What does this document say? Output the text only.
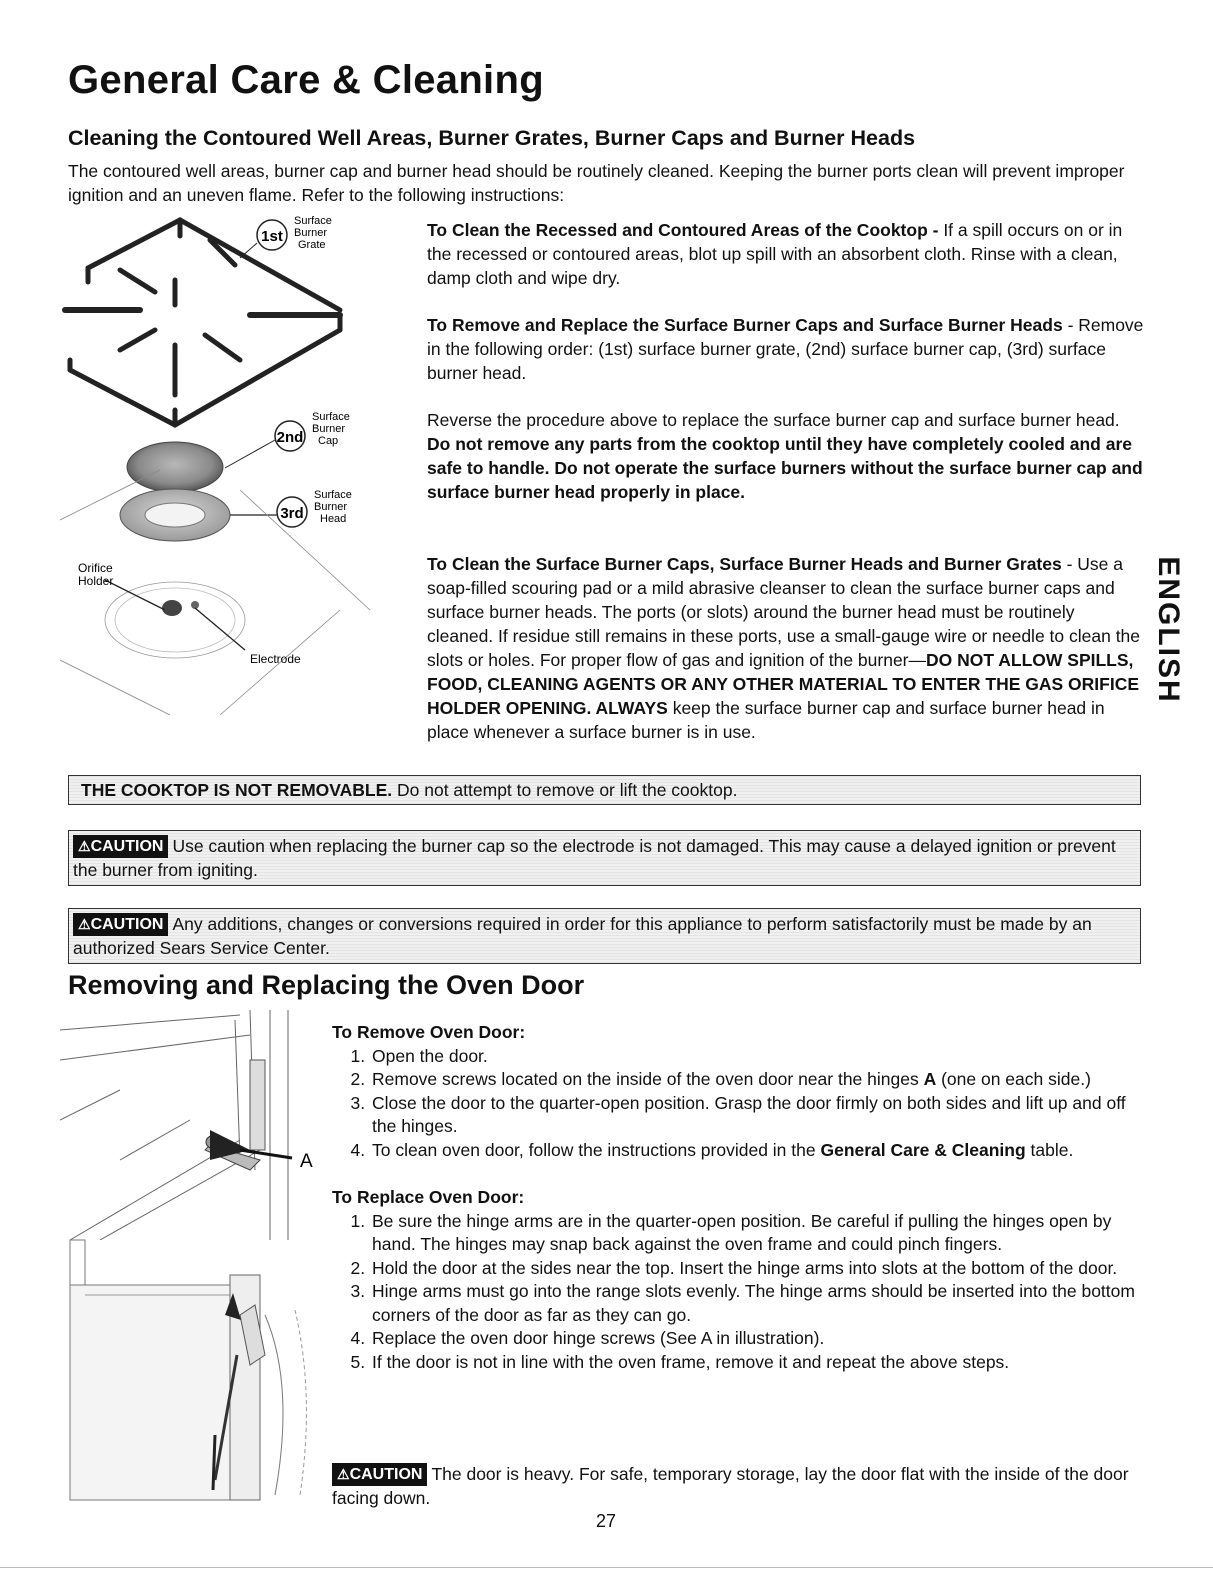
General Care & Cleaning
Cleaning the Contoured Well Areas, Burner Grates, Burner Caps and Burner Heads
The contoured well areas, burner cap and burner head should be routinely cleaned. Keeping the burner ports clean will prevent improper ignition and an uneven flame. Refer to the following instructions:
1st
Surface
Burner
Grate
2nd
Surface
Burner
Cap
3rd
Surface
Burner
Head
Orifice
Holder
Electrode
To Clean the Recessed and Contoured Areas of the Cooktop - If a spill occurs on or in the recessed or contoured areas, blot up spill with an absorbent cloth. Rinse with a clean, damp cloth and wipe dry.
To Remove and Replace the Surface Burner Caps and Surface Burner Heads - Remove in the following order: (1st) surface burner grate, (2nd) surface burner cap, (3rd) surface burner head.
Reverse the procedure above to replace the surface burner cap and surface burner head. Do not remove any parts from the cooktop until they have completely cooled and are safe to handle. Do not operate the surface burners without the surface burner cap and surface burner head properly in place.
To Clean the Surface Burner Caps, Surface Burner Heads and Burner Grates - Use a soap-filled scouring pad or a mild abrasive cleanser to clean the surface burner caps and surface burner heads. The ports (or slots) around the burner head must be routinely cleaned. If residue still remains in these ports, use a small-gauge wire or needle to clean the slots or holes. For proper flow of gas and ignition of the burner—DO NOT ALLOW SPILLS, FOOD, CLEANING AGENTS OR ANY OTHER MATERIAL TO ENTER THE GAS ORIFICE HOLDER OPENING. ALWAYS keep the surface burner cap and surface burner head in place whenever a surface burner is in use.
ENGLISH
THE COOKTOP IS NOT REMOVABLE. Do not attempt to remove or lift the cooktop.
⚠CAUTION Use caution when replacing the burner cap so the electrode is not damaged. This may cause a delayed ignition or prevent the burner from igniting.
⚠CAUTION Any additions, changes or conversions required in order for this appliance to perform satisfactorily must be made by an authorized Sears Service Center.
Removing and Replacing the Oven Door
A
To Remove Oven Door:
1. Open the door.
2. Remove screws located on the inside of the oven door near the hinges A (one on each side.)
3. Close the door to the quarter-open position. Grasp the door firmly on both sides and lift up and off the hinges.
4. To clean oven door, follow the instructions provided in the General Care & Cleaning table.
To Replace Oven Door:
1. Be sure the hinge arms are in the quarter-open position. Be careful if pulling the hinges open by hand. The hinges may snap back against the oven frame and could pinch fingers.
2. Hold the door at the sides near the top. Insert the hinge arms into slots at the bottom of the door.
3. Hinge arms must go into the range slots evenly. The hinge arms should be inserted into the bottom corners of the door as far as they can go.
4. Replace the oven door hinge screws (See A in illustration).
5. If the door is not in line with the oven frame, remove it and repeat the above steps.
⚠CAUTION The door is heavy. For safe, temporary storage, lay the door flat with the inside of the door facing down.
27
